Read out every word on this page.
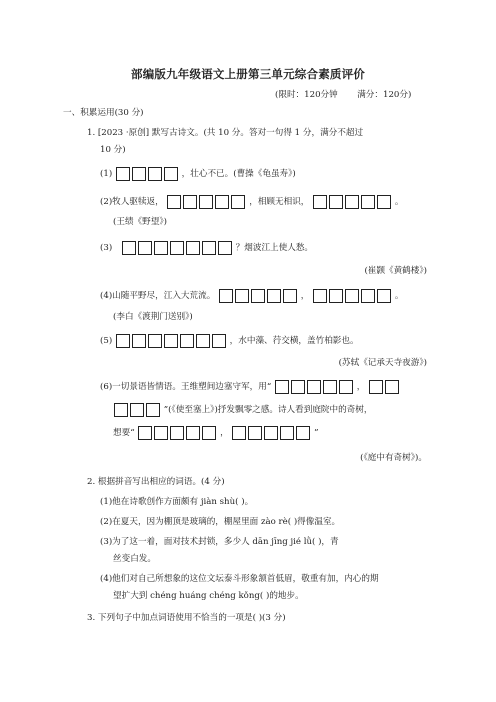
部编版九年级语文上册第三单元综合素质评价
(限时：120分钟 满分：120分)
一、积累运用(30 分)
1. [2023 ·原创] 默写古诗文。(共 10 分。答对一句得 1 分，满分不超过
10 分)
(1)	，壮心不已。(曹操《龟虽寿》)
(2)牧人驱犊返，	，相顾无相识，	。
(王绩《野望》)
(3)	？烟波江上使人愁。
(崔颢《黄鹤楼》)
(4)山随平野尽，江入大荒流。	，	。
(李白《渡荆门送别》)
(5)	，水中藻、荇交横，盖竹柏影也。
(苏轼《记承天寺夜游》)
(6)一切景语皆情语。王维塑间边塞守军，用“	，
”(《使至塞上》)抒发飘零之感。诗人看到庭院中的奇树，
想要“	，	”
(《庭中有奇树》)。
2. 根据拼音写出相应的词语。(4 分)
(1)他在诗歌创作方面颇有 jiàn shù( )。
(2)在夏天，因为棚顶是玻璃的，棚屋里面 zào rè( )得像温室。
(3)为了这一着，面对技术封锁，多少人 dān jīng jié lǜ( )，青
丝变白发。
(4)他们对自己所想象的这位文坛泰斗形象颔首低眉，敬重有加，内心的期
望扩大到 chéng huáng chéng kǒng( )的地步。
3. 下列句子中加点词语使用不恰当的一项是( )(3 分)
